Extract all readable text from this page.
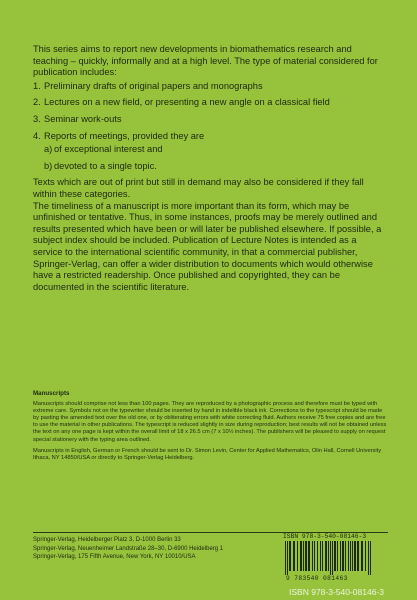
This series aims to report new developments in biomathematics research and teaching – quickly, informally and at a high level. The type of material considered for publication includes:

1. Preliminary drafts of original papers and monographs
2. Lectures on a new field, or presenting a new angle on a classical field
3. Seminar work-outs
4. Reports of meetings, provided they are
a) of exceptional interest and
b) devoted to a single topic.

Texts which are out of print but still in demand may also be considered if they fall within these categories.

The timeliness of a manuscript is more important than its form, which may be unfinished or tentative. Thus, in some instances, proofs may be merely outlined and results presented which have been or will later be published elsewhere. If possible, a subject index should be included. Publication of Lecture Notes is intended as a service to the international scientific community, in that a commercial publisher, Springer-Verlag, can offer a wider distribution to documents which would otherwise have a restricted readership. Once published and copyrighted, they can be documented in the scientific literature.

Manuscripts

Manuscripts should comprise not less than 100 pages. They are reproduced by a photographic process and therefore must be typed with extreme care. Symbols not on the typewriter should be inserted by hand in indelible black ink. Corrections to the typescript should be made by pasting the amended text over the old one, or by obliterating errors with white correcting fluid. Authors receive 75 free copies and are free to use the material in other publications. The typescript is reduced slightly in size during reproduction; best results will not be obtained unless the text on any one page is kept within the overall limit of 18 x 26.5 cm (7 x 10½ inches). The publishers will be pleased to supply on request special stationery with the typing area outlined.

Manuscripts in English, German or French should be sent to Dr. Simon Levin, Center for Applied Mathematics, Olin Hall, Cornell University Ithaca, NY 14850/USA or directly to Springer-Verlag Heidelberg.

Springer-Verlag, Heidelberger Platz 3, D-1000 Berlin 33
Springer-Verlag, Neuenheimer Landstraße 28–30, D-6900 Heidelberg 1
Springer-Verlag, 175 Fifth Avenue, New York, NY 10010/USA
ISBN 978-3-540-08146-3
9 783540 081463
ISBN 978-3-540-08146-3
